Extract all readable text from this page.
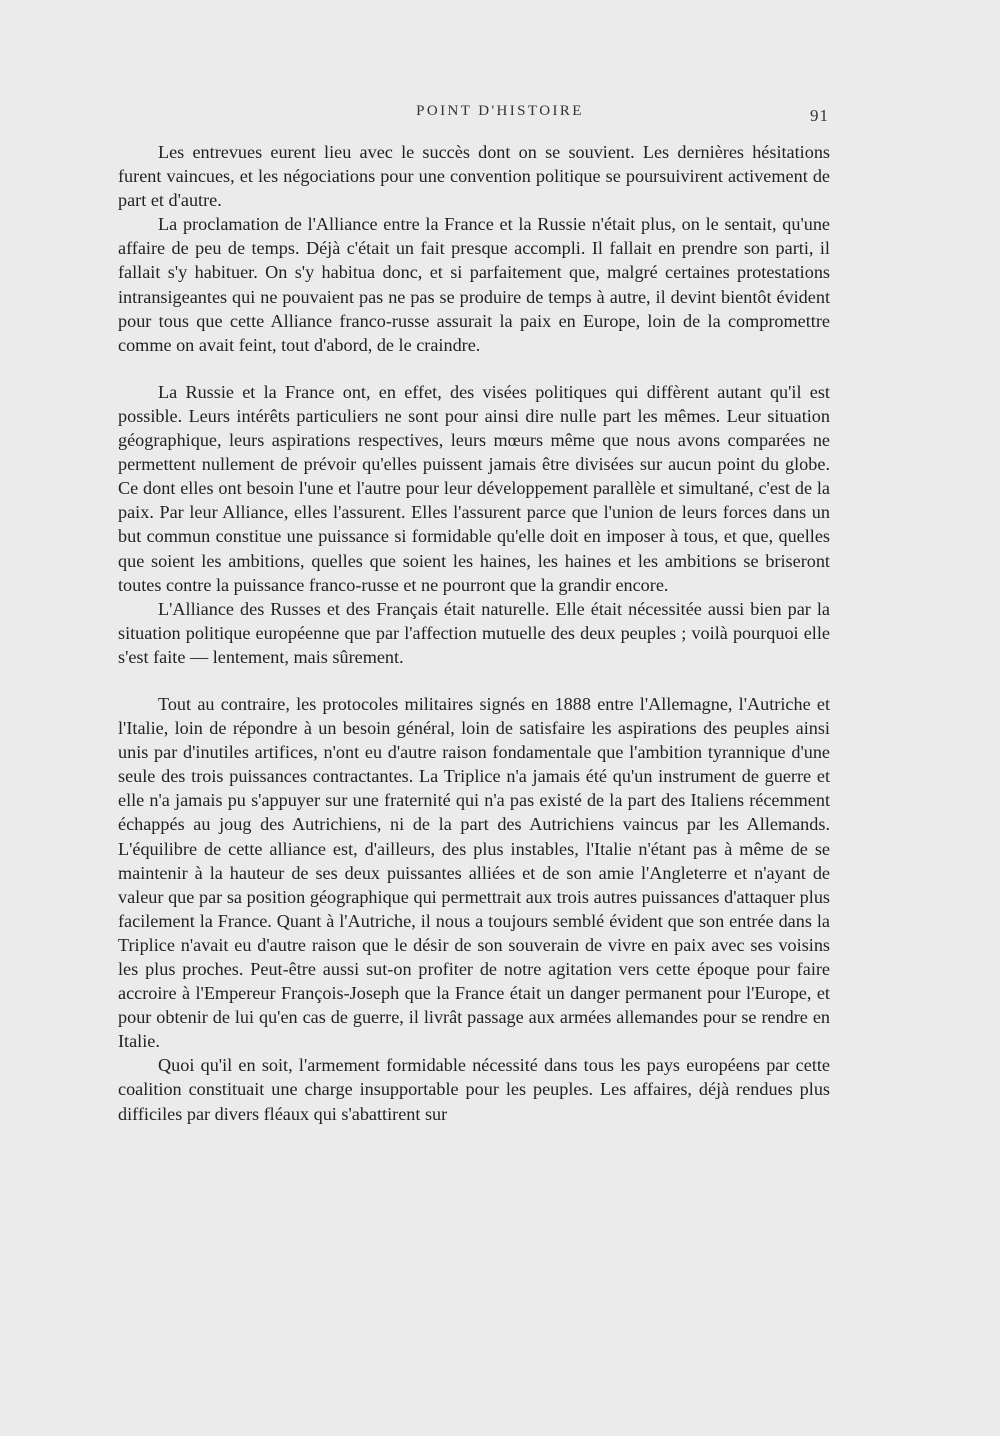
POINT D'HISTOIRE	91

Les entrevues eurent lieu avec le succès dont on se souvient. Les dernières hésitations furent vaincues, et les négociations pour une convention politique se poursuivirent activement de part et d'autre.

La proclamation de l'Alliance entre la France et la Russie n'était plus, on le sentait, qu'une affaire de peu de temps. Déjà c'était un fait presque accompli. Il fallait en prendre son parti, il fallait s'y habituer. On s'y habitua donc, et si parfaitement que, malgré certaines protestations intransigeantes qui ne pouvaient pas ne pas se produire de temps à autre, il devint bientôt évident pour tous que cette Alliance franco-russe assurait la paix en Europe, loin de la compromettre comme on avait feint, tout d'abord, de le craindre.

La Russie et la France ont, en effet, des visées politiques qui diffèrent autant qu'il est possible. Leurs intérêts particuliers ne sont pour ainsi dire nulle part les mêmes. Leur situation géographique, leurs aspirations respectives, leurs mœurs même que nous avons comparées ne permettent nullement de prévoir qu'elles puissent jamais être divisées sur aucun point du globe. Ce dont elles ont besoin l'une et l'autre pour leur développement parallèle et simultané, c'est de la paix. Par leur Alliance, elles l'assurent. Elles l'assurent parce que l'union de leurs forces dans un but commun constitue une puissance si formidable qu'elle doit en imposer à tous, et que, quelles que soient les ambitions, quelles que soient les haines, les haines et les ambitions se briseront toutes contre la puissance franco-russe et ne pourront que la grandir encore.

L'Alliance des Russes et des Français était naturelle. Elle était nécessitée aussi bien par la situation politique européenne que par l'affection mutuelle des deux peuples ; voilà pourquoi elle s'est faite — lentement, mais sûrement.

Tout au contraire, les protocoles militaires signés en 1888 entre l'Allemagne, l'Autriche et l'Italie, loin de répondre à un besoin général, loin de satisfaire les aspirations des peuples ainsi unis par d'inutiles artifices, n'ont eu d'autre raison fondamentale que l'ambition tyrannique d'une seule des trois puissances contractantes. La Triplice n'a jamais été qu'un instrument de guerre et elle n'a jamais pu s'appuyer sur une fraternité qui n'a pas existé de la part des Italiens récemment échappés au joug des Autrichiens, ni de la part des Autrichiens vaincus par les Allemands. L'équilibre de cette alliance est, d'ailleurs, des plus instables, l'Italie n'étant pas à même de se maintenir à la hauteur de ses deux puissantes alliées et de son amie l'Angleterre et n'ayant de valeur que par sa position géographique qui permettrait aux trois autres puissances d'attaquer plus facilement la France. Quant à l'Autriche, il nous a toujours semblé évident que son entrée dans la Triplice n'avait eu d'autre raison que le désir de son souverain de vivre en paix avec ses voisins les plus proches. Peut-être aussi sut-on profiter de notre agitation vers cette époque pour faire accroire à l'Empereur François-Joseph que la France était un danger permanent pour l'Europe, et pour obtenir de lui qu'en cas de guerre, il livrât passage aux armées allemandes pour se rendre en Italie.

Quoi qu'il en soit, l'armement formidable nécessité dans tous les pays européens par cette coalition constituait une charge insupportable pour les peuples. Les affaires, déjà rendues plus difficiles par divers fléaux qui s'abattirent sur
